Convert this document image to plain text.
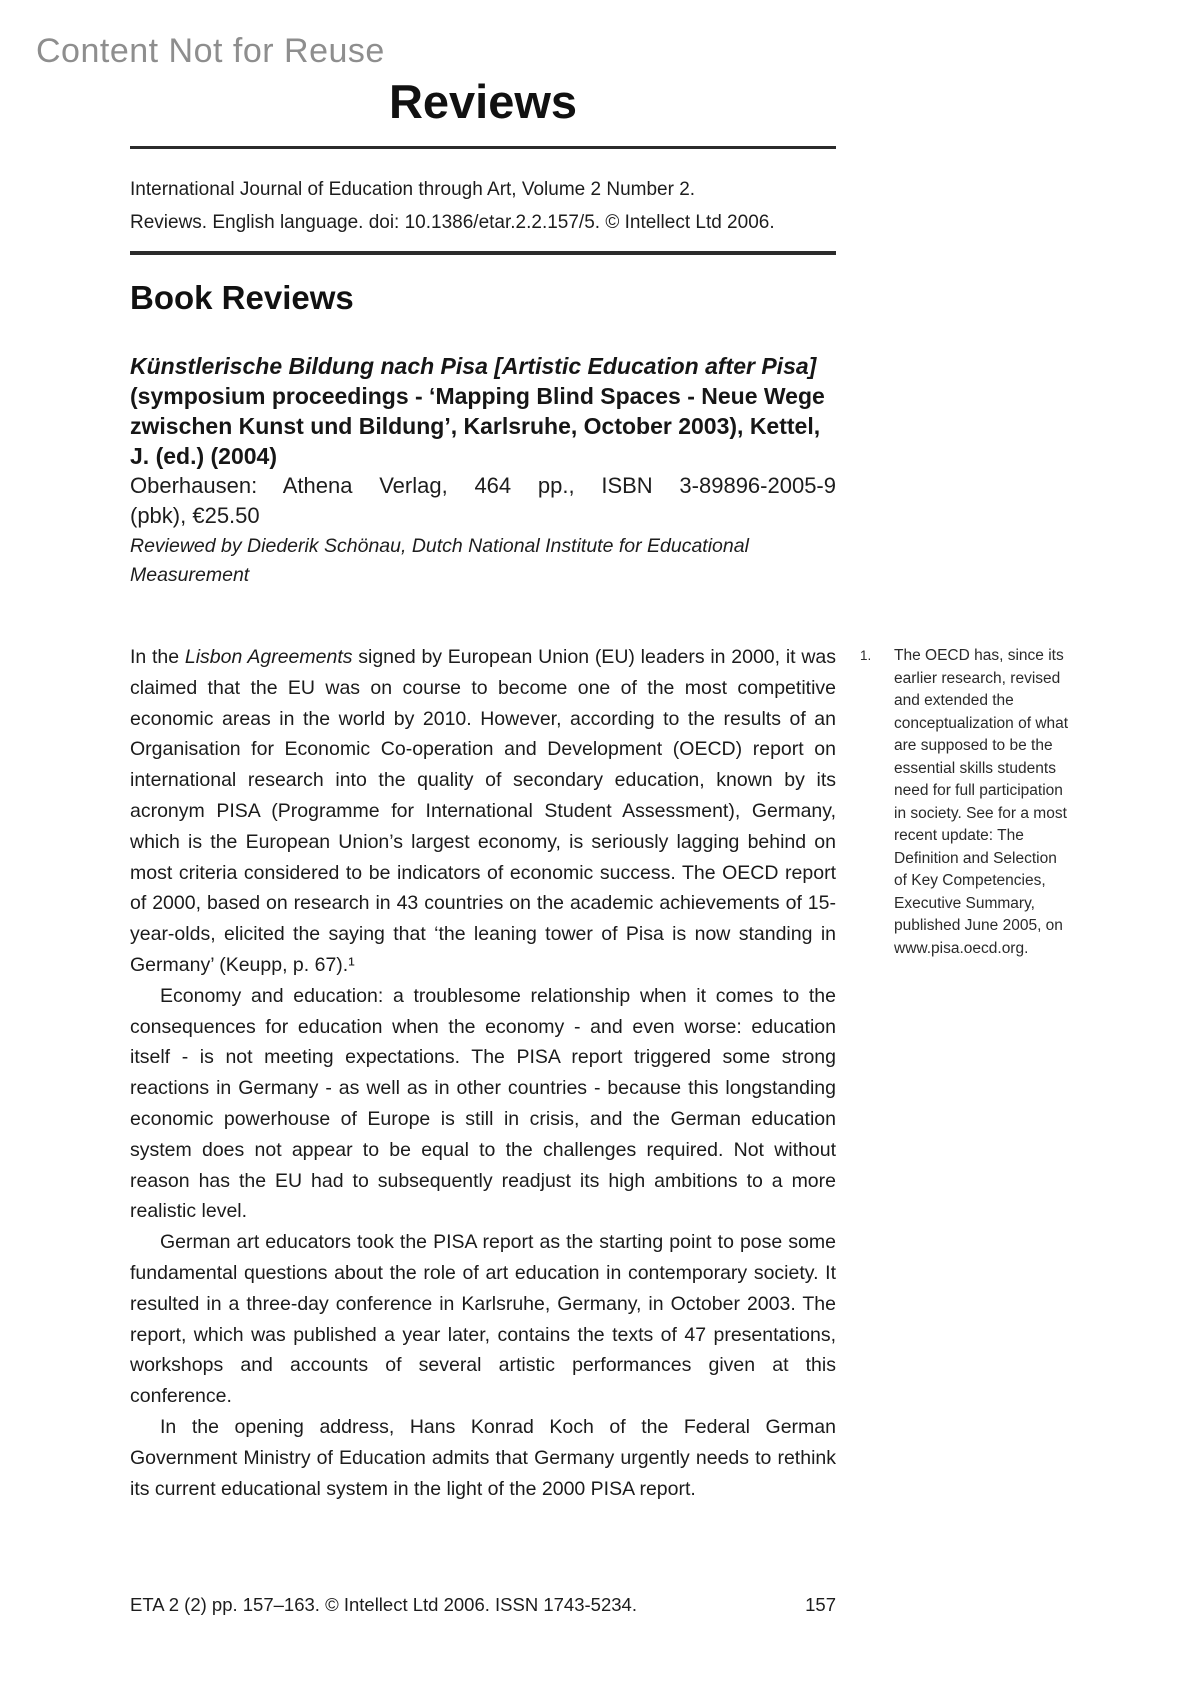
Content Not for Reuse
Reviews
International Journal of Education through Art, Volume 2 Number 2.
Reviews. English language. doi: 10.1386/etar.2.2.157/5. © Intellect Ltd 2006.
Book Reviews
Künstlerische Bildung nach Pisa [Artistic Education after Pisa]
(symposium proceedings - ‘Mapping Blind Spaces - Neue Wege zwischen Kunst und Bildung’, Karlsruhe, October 2003), Kettel, J. (ed.) (2004)
Oberhausen: Athena Verlag, 464 pp., ISBN 3-89896-2005-9
(pbk), €25.50

Reviewed by Diederik Schönau, Dutch National Institute for Educational Measurement

In the Lisbon Agreements signed by European Union (EU) leaders in 2000, it was claimed that the EU was on course to become one of the most competitive economic areas in the world by 2010. However, according to the results of an Organisation for Economic Co-operation and Development (OECD) report on international research into the quality of secondary education, known by its acronym PISA (Programme for International Student Assessment), Germany, which is the European Union’s largest economy, is seriously lagging behind on most criteria considered to be indicators of economic success. The OECD report of 2000, based on research in 43 countries on the academic achievements of 15-year-olds, elicited the saying that ‘the leaning tower of Pisa is now standing in Germany’ (Keupp, p. 67).¹

Economy and education: a troublesome relationship when it comes to the consequences for education when the economy - and even worse: education itself - is not meeting expectations. The PISA report triggered some strong reactions in Germany - as well as in other countries - because this longstanding economic powerhouse of Europe is still in crisis, and the German education system does not appear to be equal to the challenges required. Not without reason has the EU had to subsequently readjust its high ambitions to a more realistic level.

German art educators took the PISA report as the starting point to pose some fundamental questions about the role of art education in contemporary society. It resulted in a three-day conference in Karlsruhe, Germany, in October 2003. The report, which was published a year later, contains the texts of 47 presentations, workshops and accounts of several artistic performances given at this conference.

In the opening address, Hans Konrad Koch of the Federal German Government Ministry of Education admits that Germany urgently needs to rethink its current educational system in the light of the 2000 PISA report.

1.	The OECD has, since its earlier research, revised and extended the conceptualization of what are supposed to be the essential skills students need for full participation in society. See for a most recent update: The Definition and Selection of Key Competencies, Executive Summary, published June 2005, on www.pisa.oecd.org.
ETA 2 (2) pp. 157–163. © Intellect Ltd 2006. ISSN 1743-5234.	157
